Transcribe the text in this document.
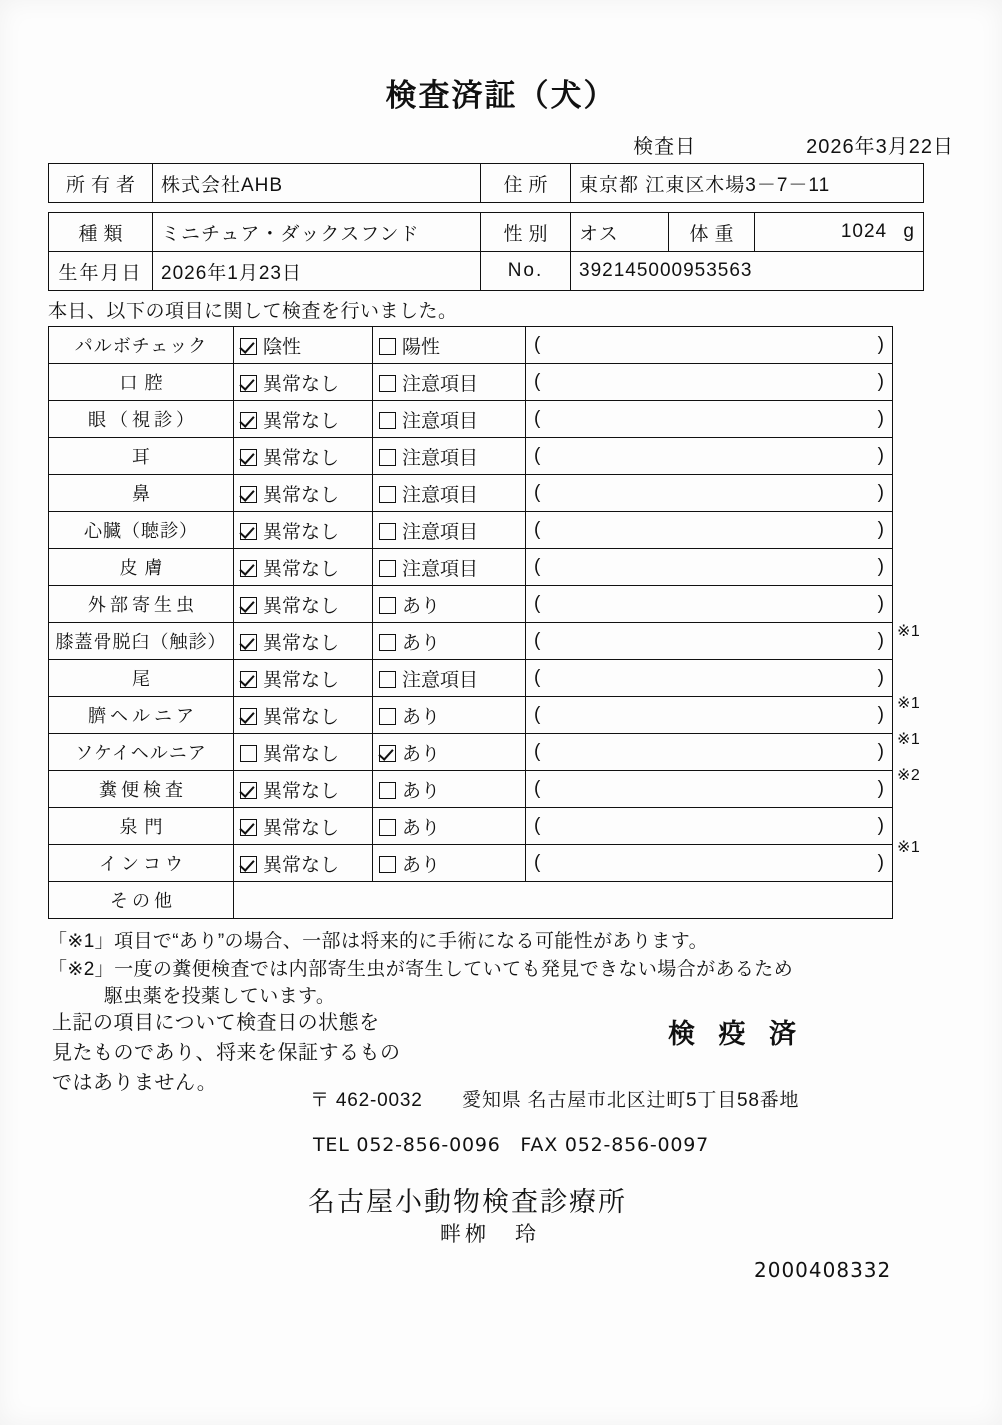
検査済証（犬）
検査日	2026年3月22日
所有者	株式会社AHB	住所	東京都 江東区木場3－7－11
種類	ミニチュア・ダックスフンド	性別	オス	体重	1024 g
生年月日	2026年1月23日	No.	392145000953563		
本日、以下の項目に関して検査を行いました。
パルボチェック	陰性	陽性	( )

口腔	異常なし	注意項目	( )

眼（視診）	異常なし	注意項目	( )

耳	異常なし	注意項目	( )

鼻	異常なし	注意項目	( )

心臓（聴診）	異常なし	注意項目	( )

皮膚	異常なし	注意項目	( )

外部寄生虫	異常なし	あり	( )

膝蓋骨脱臼（触診）	異常なし	あり	( )

尾	異常なし	注意項目	( )

臍ヘルニア	異常なし	あり	( )

ソケイヘルニア	異常なし	あり	( )

糞便検査	異常なし	あり	( )

泉門	異常なし	あり	( )

インコウ	異常なし	あり	( )

その他			
※1
※1
※1
※2
※1
「※1」項目で“あり”の場合、一部は将来的に手術になる可能性があります。
「※2」一度の糞便検査では内部寄生虫が寄生していても発見できない場合があるため
駆虫薬を投薬しています。
上記の項目について検査日の状態を
見たものであり、将来を保証するもの
ではありません。
検 疫 済
〒 462-0032　　愛知県 名古屋市北区辻町5丁目58番地
TEL 052-856-0096　FAX 052-856-0097
名古屋小動物検査診療所
畔栁　玲
2000408332
